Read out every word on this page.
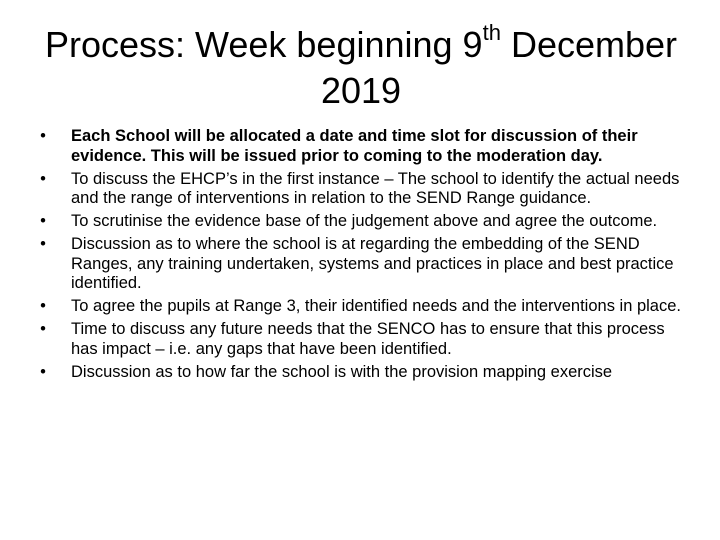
Process: Week beginning 9th December 2019
• Each School will be allocated a date and time slot for discussion of their evidence. This will be issued prior to coming to the moderation day.
• To discuss the EHCP’s in the first instance – The school to identify the actual needs and the range of interventions in relation to the SEND Range guidance.
• To scrutinise the evidence base of the judgement above and agree the outcome.
• Discussion as to where the school is at regarding the embedding of the SEND Ranges, any training undertaken, systems and practices in place and best practice identified.
• To agree the pupils at Range 3, their identified needs and the interventions in place.
• Time to discuss any future needs that the SENCO has to ensure that this process has impact – i.e. any gaps that have been identified.
• Discussion as to how far the school is with the provision mapping exercise
